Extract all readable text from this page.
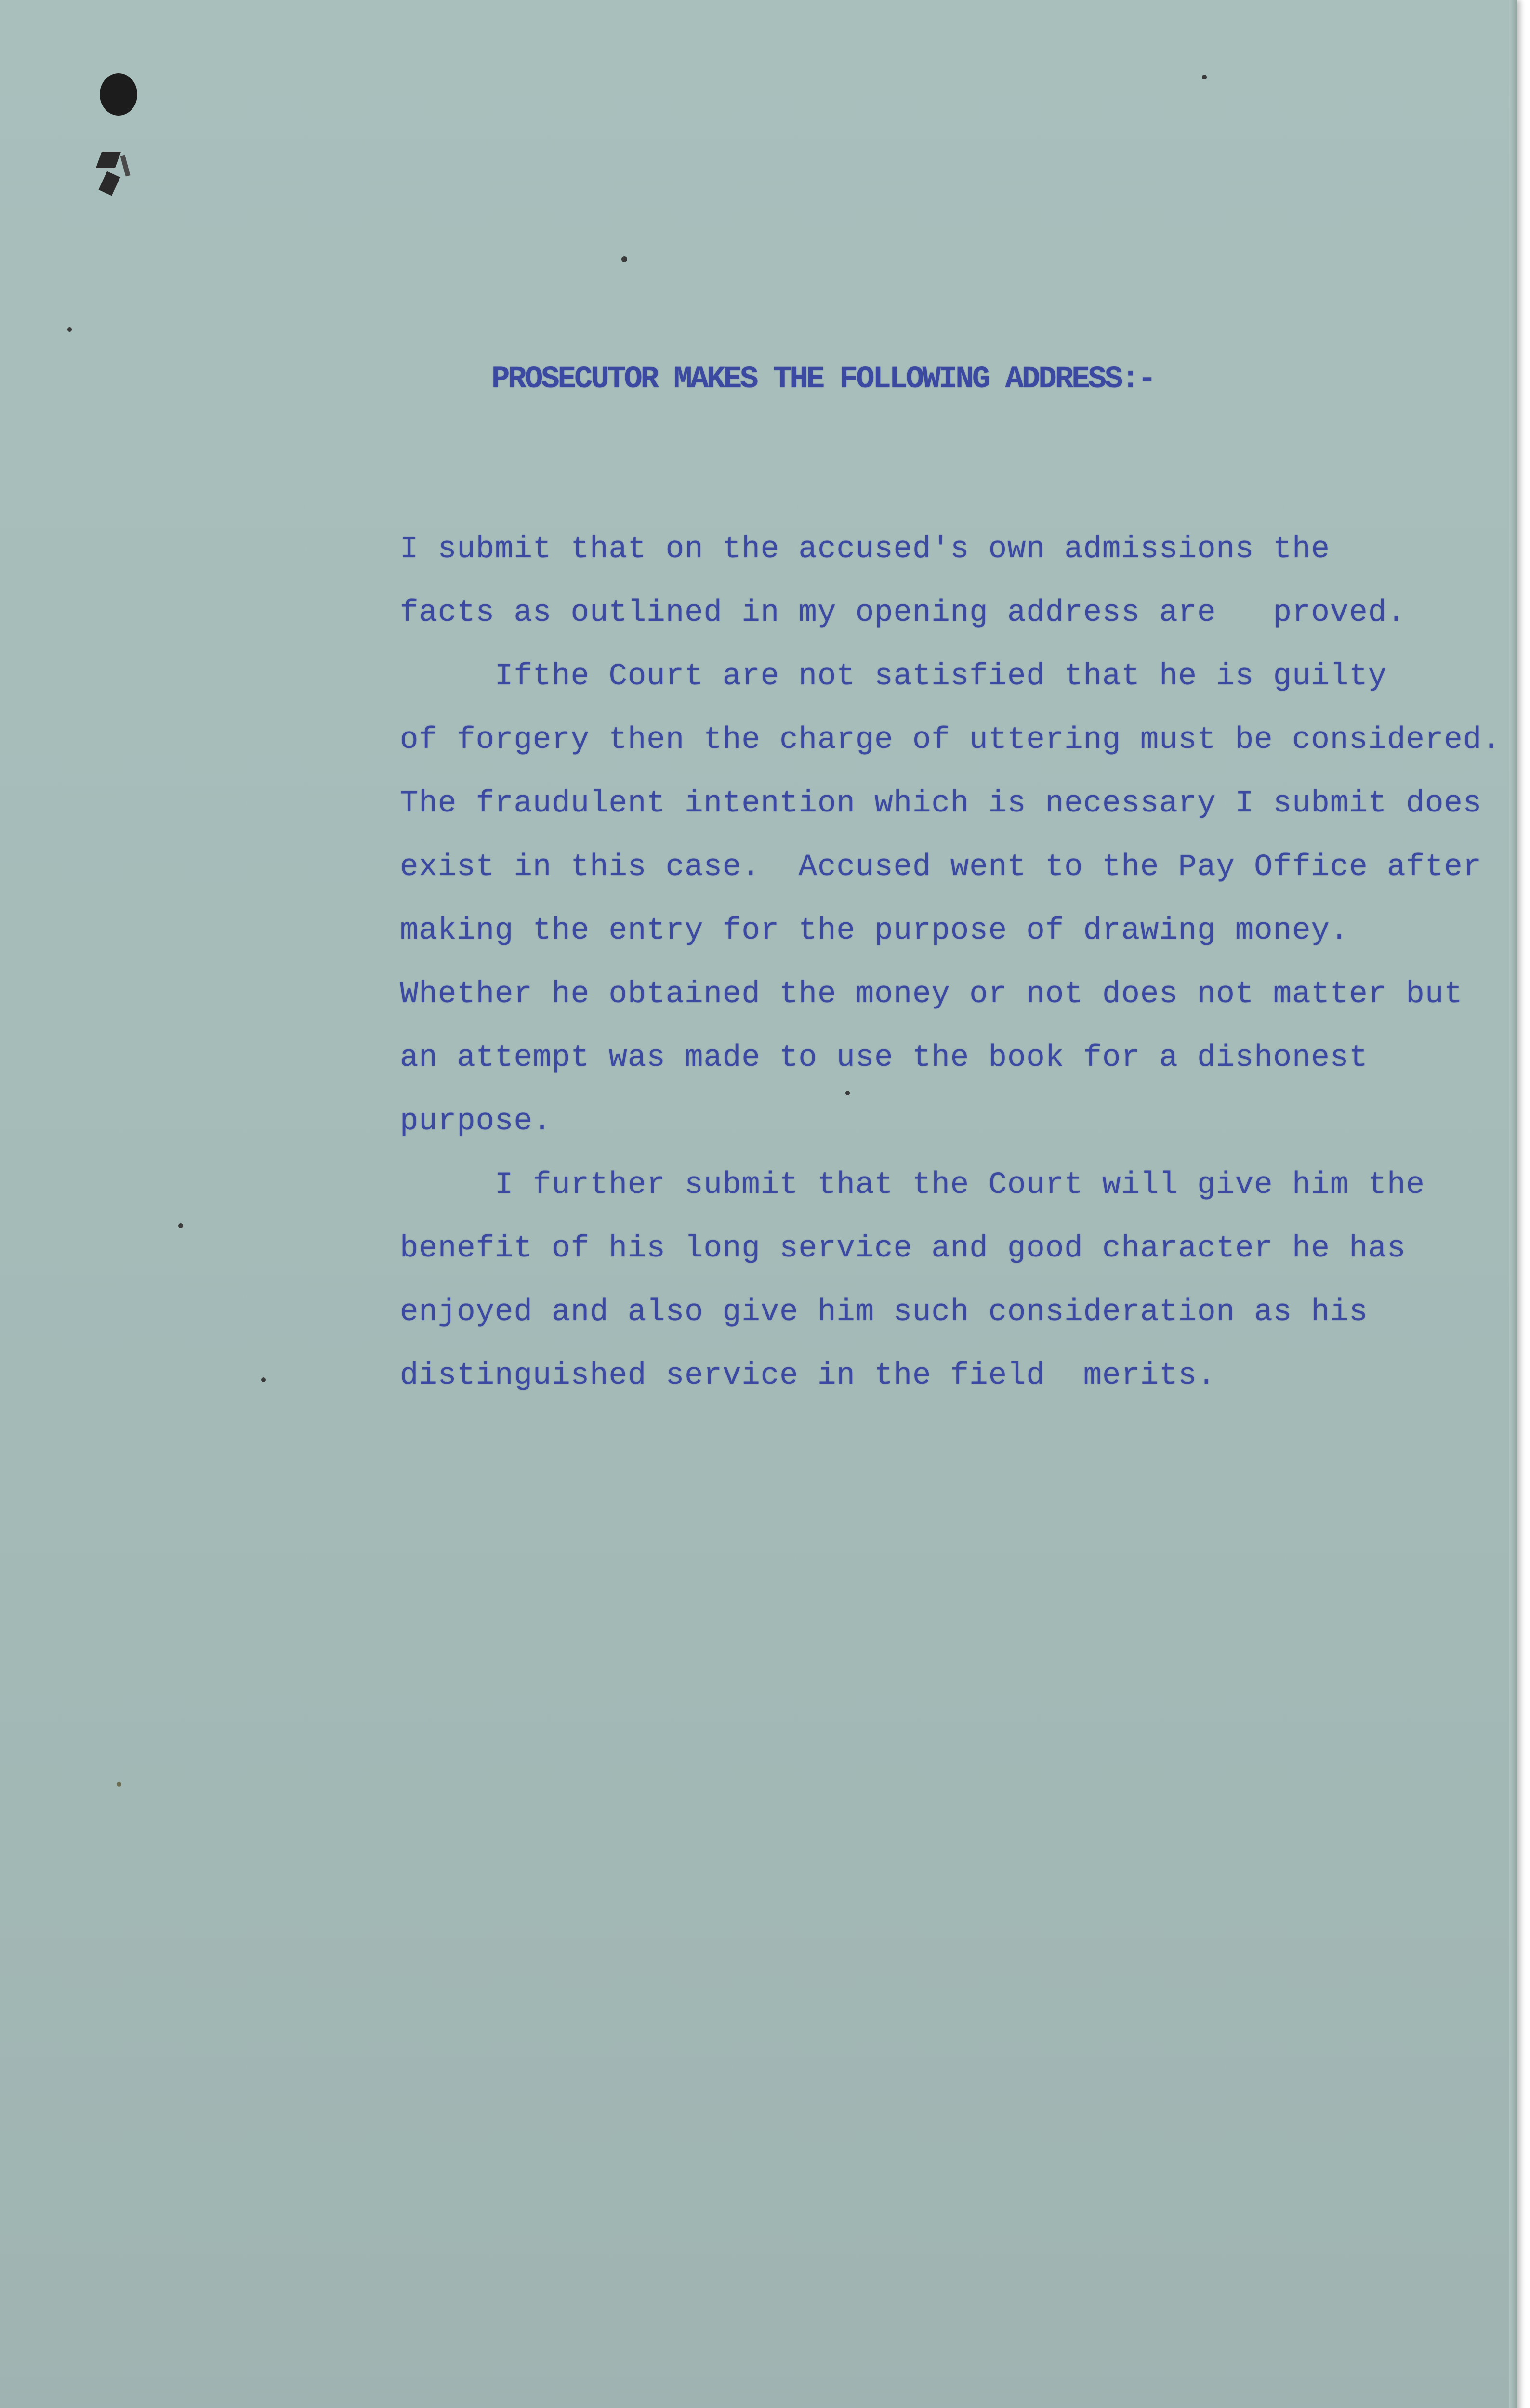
PROSECUTOR MAKES THE FOLLOWING ADDRESS:-
I submit that on the accused's own admissions the
facts as outlined in my opening address are   proved.
Ifthe Court are not satisfied that he is guilty
of forgery then the charge of uttering must be considered.
The fraudulent intention which is necessary I submit does
exist in this case.  Accused went to the Pay Office after
making the entry for the purpose of drawing money.
Whether he obtained the money or not does not matter but
an attempt was made to use the book for a dishonest
purpose.
I further submit that the Court will give him the
benefit of his long service and good character he has
enjoyed and also give him such consideration as his
distinguished service in the field  merits.
